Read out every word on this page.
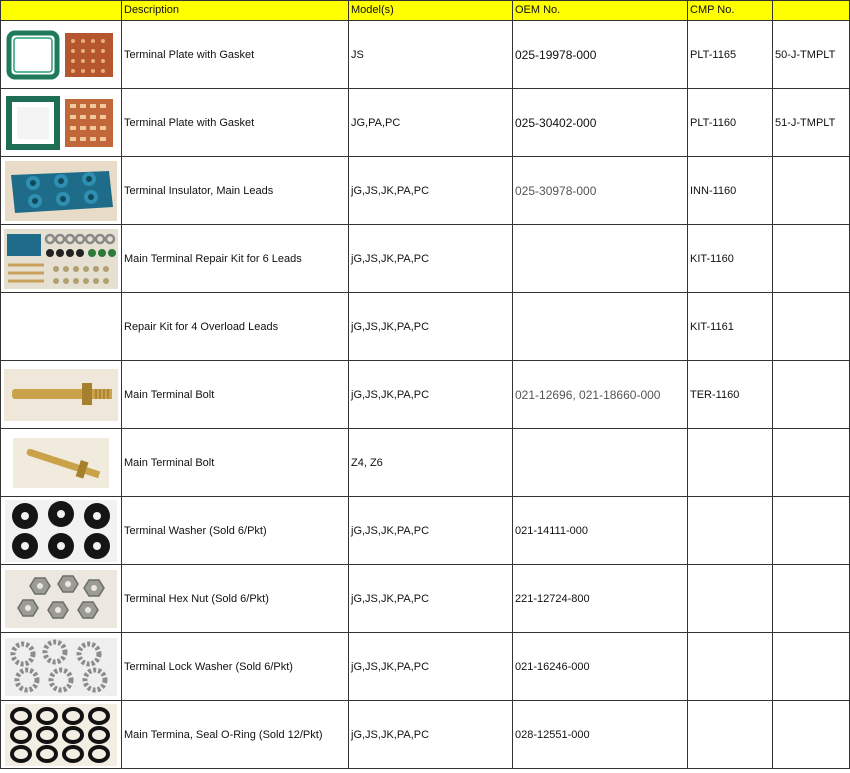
	Description	Model(s)	OEM No.	CMP No.	

	Terminal Plate with Gasket	JS	025-19978-000	PLT-1165	50-J-TMPLT

	Terminal Plate with Gasket	JG,PA,PC	025-30402-000	PLT-1160	51-J-TMPLT

	Terminal Insulator, Main Leads	jG,JS,JK,PA,PC	025-30978-000	INN-1160	

	Main Terminal Repair Kit for 6 Leads	jG,JS,JK,PA,PC		KIT-1160	
	Repair Kit for 4 Overload Leads	jG,JS,JK,PA,PC		KIT-1161	

	Main Terminal Bolt	jG,JS,JK,PA,PC	021-12696, 021-18660-000	TER-1160	

	Main Terminal Bolt	Z4, Z6			

	Terminal Washer (Sold 6/Pkt)	jG,JS,JK,PA,PC	021-14111-000		

	Terminal Hex Nut (Sold 6/Pkt)	jG,JS,JK,PA,PC	221-12724-800		

	Terminal Lock Washer (Sold 6/Pkt)	jG,JS,JK,PA,PC	021-16246-000		

	Main Termina, Seal O-Ring (Sold 12/Pkt)	jG,JS,JK,PA,PC	028-12551-000		
